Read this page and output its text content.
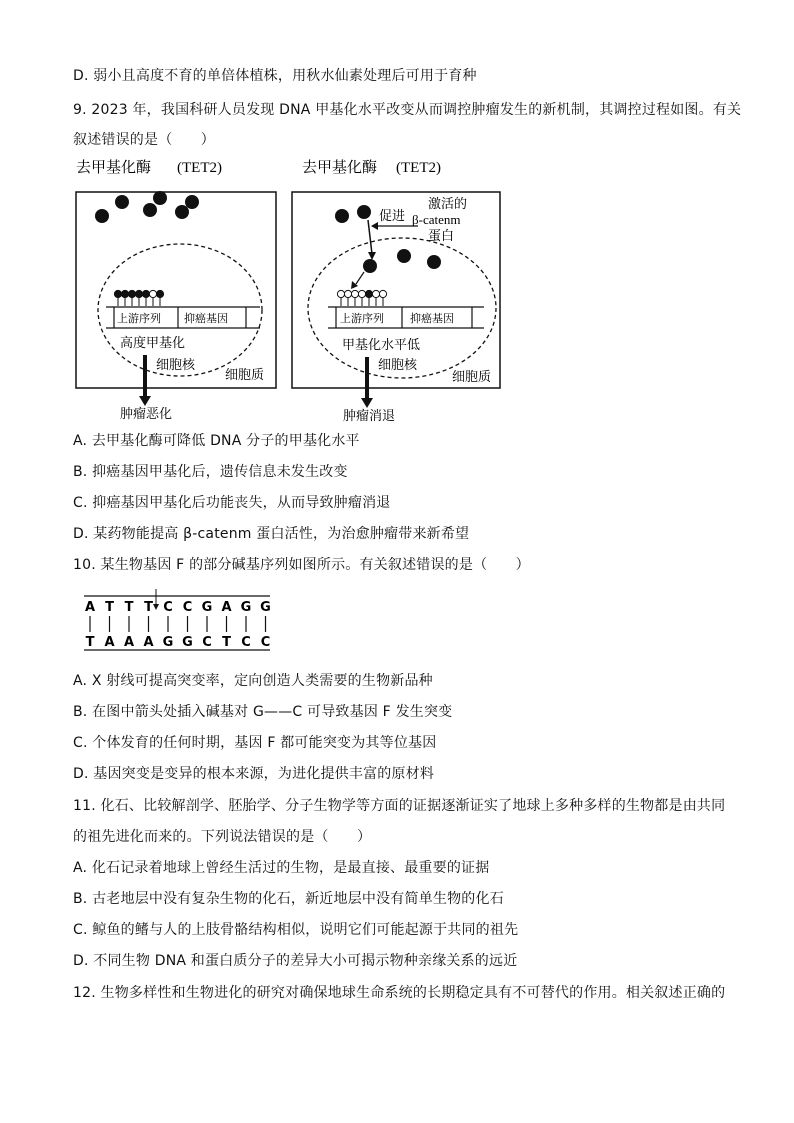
D. 弱小且高度不育的单倍体植株，用秋水仙素处理后可用于育种
9. 2023 年，我国科研人员发现 DNA 甲基化水平改变从而调控肿瘤发生的新机制，其调控过程如图。有关
叙述错误的是（　　）
去甲基化酶 (TET2)
上游序列 抑癌基因
高度甲基化
细胞核
细胞质
肿瘤恶化
去甲基化酶 (TET2)
促进
激活的
β-catenm
蛋白
上游序列 抑癌基因
甲基化水平低
细胞核
细胞质
肿瘤消退
A. 去甲基化酶可降低 DNA 分子的甲基化水平
B. 抑癌基因甲基化后，遗传信息未发生改变
C. 抑癌基因甲基化后功能丧失，从而导致肿瘤消退
D. 某药物能提高 β-catenm 蛋白活性，为治愈肿瘤带来新希望
10. 某生物基因 F 的部分碱基序列如图所示。有关叙述错误的是（　　）
A
T
T
A
T
A
T
A
C
G
C
G
G
C
A
T
G
C
G
C
A. X 射线可提高突变率，定向创造人类需要的生物新品种
B. 在图中箭头处插入碱基对 G——C 可导致基因 F 发生突变
C. 个体发育的任何时期，基因 F 都可能突变为其等位基因
D. 基因突变是变异的根本来源，为进化提供丰富的原材料
11. 化石、比较解剖学、胚胎学、分子生物学等方面的证据逐渐证实了地球上多种多样的生物都是由共同
的祖先进化而来的。下列说法错误的是（　　）
A. 化石记录着地球上曾经生活过的生物，是最直接、最重要的证据
B. 古老地层中没有复杂生物的化石，新近地层中没有简单生物的化石
C. 鲸鱼的鳍与人的上肢骨骼结构相似，说明它们可能起源于共同的祖先
D. 不同生物 DNA 和蛋白质分子的差异大小可揭示物种亲缘关系的远近
12. 生物多样性和生物进化的研究对确保地球生命系统的长期稳定具有不可替代的作用。相关叙述正确的
